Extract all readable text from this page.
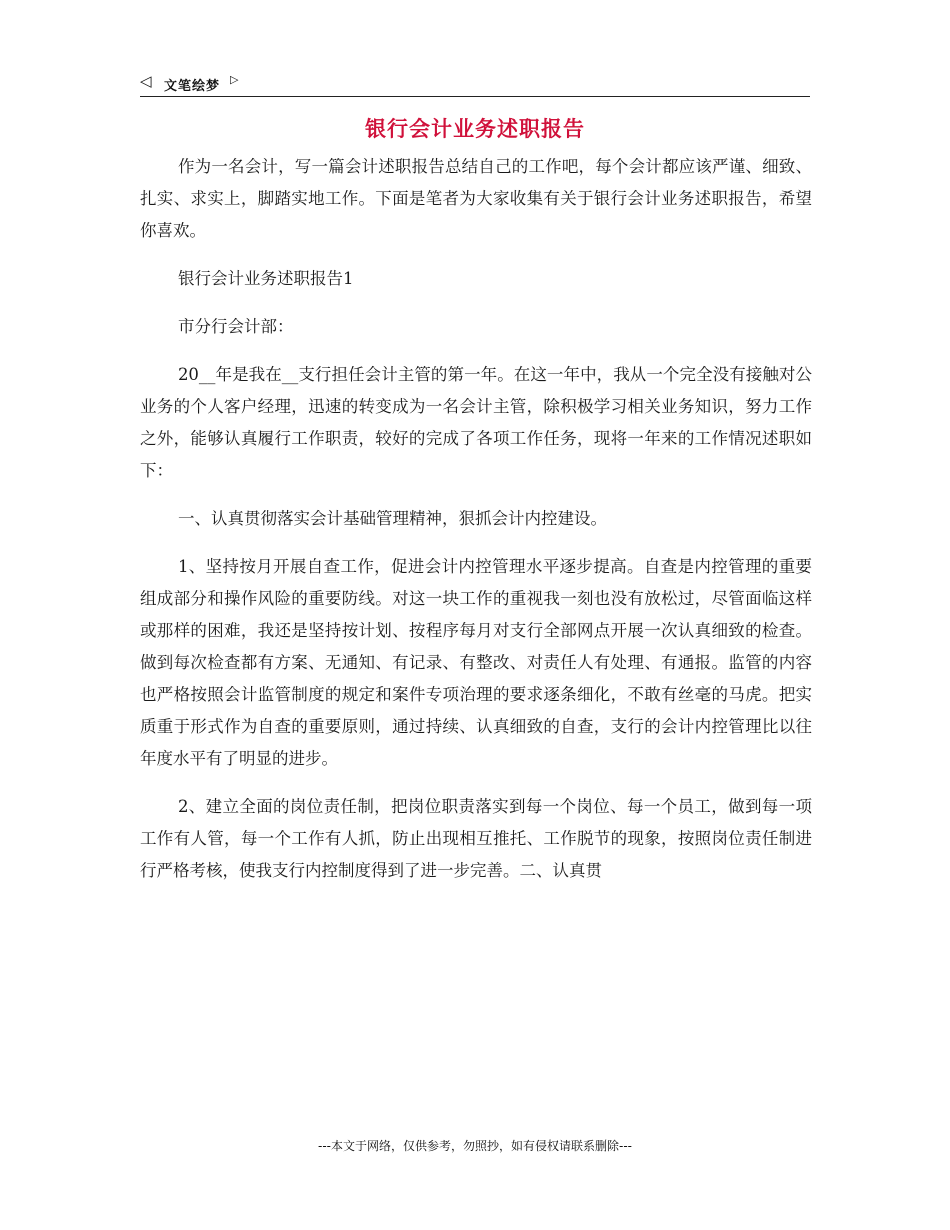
◁ 文笔绘梦 ▷
银行会计业务述职报告

作为一名会计，写一篇会计述职报告总结自己的工作吧，每个会计都应该严谨、细致、扎实、求实上，脚踏实地工作。下面是笔者为大家收集有关于银行会计业务述职报告，希望你喜欢。

银行会计业务述职报告1

市分行会计部：

20__年是我在__支行担任会计主管的第一年。在这一年中，我从一个完全没有接触对公业务的个人客户经理，迅速的转变成为一名会计主管，除积极学习相关业务知识，努力工作之外，能够认真履行工作职责，较好的完成了各项工作任务，现将一年来的工作情况述职如下：

一、认真贯彻落实会计基础管理精神，狠抓会计内控建设。

1、坚持按月开展自查工作，促进会计内控管理水平逐步提高。自查是内控管理的重要组成部分和操作风险的重要防线。对这一块工作的重视我一刻也没有放松过，尽管面临这样或那样的困难，我还是坚持按计划、按程序每月对支行全部网点开展一次认真细致的检查。做到每次检查都有方案、无通知、有记录、有整改、对责任人有处理、有通报。监管的内容也严格按照会计监管制度的规定和案件专项治理的要求逐条细化，不敢有丝毫的马虎。把实质重于形式作为自查的重要原则，通过持续、认真细致的自查，支行的会计内控管理比以往年度水平有了明显的进步。

2、建立全面的岗位责任制，把岗位职责落实到每一个岗位、每一个员工，做到每一项工作有人管，每一个工作有人抓，防止出现相互推托、工作脱节的现象，按照岗位责任制进行严格考核，使我支行内控制度得到了进一步完善。二、认真贯

---本文于网络，仅供参考，勿照抄，如有侵权请联系删除---
